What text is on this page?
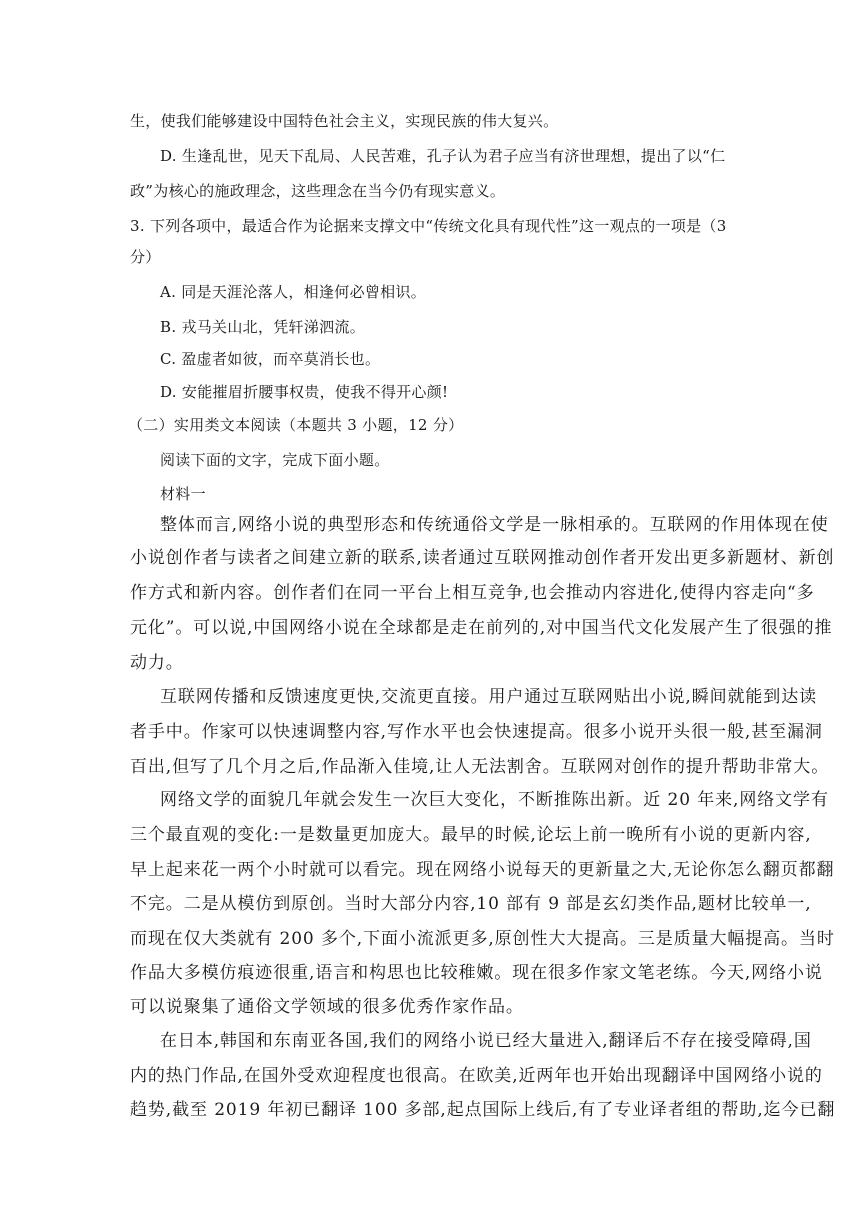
生，使我们能够建设中国特色社会主义，实现民族的伟大复兴。
D. 生逢乱世，见天下乱局、人民苦难，孔子认为君子应当有济世理想，提出了以“仁
政”为核心的施政理念，这些理念在当今仍有现实意义。
3. 下列各项中，最适合作为论据来支撑文中“传统文化具有现代性”这一观点的一项是（3
分）
A. 同是天涯沦落人，相逢何必曾相识。
B. 戎马关山北，凭轩涕泗流。
C. 盈虚者如彼，而卒莫消长也。
D. 安能摧眉折腰事权贵，使我不得开心颜!
（二）实用类文本阅读（本题共 3 小题，12 分）
阅读下面的文字，完成下面小题。
材料一
整体而言,网络小说的典型形态和传统通俗文学是一脉相承的。互联网的作用体现在使
小说创作者与读者之间建立新的联系,读者通过互联网推动创作者开发出更多新题材、新创
作方式和新内容。创作者们在同一平台上相互竞争,也会推动内容进化,使得内容走向“多
元化”。可以说,中国网络小说在全球都是走在前列的,对中国当代文化发展产生了很强的推
动力。
互联网传播和反馈速度更快,交流更直接。用户通过互联网贴出小说,瞬间就能到达读
者手中。作家可以快速调整内容,写作水平也会快速提高。很多小说开头很一般,甚至漏洞
百出,但写了几个月之后,作品渐入佳境,让人无法割舍。互联网对创作的提升帮助非常大。
网络文学的面貌几年就会发生一次巨大变化，不断推陈出新。近 20 年来,网络文学有
三个最直观的变化:一是数量更加庞大。最早的时候,论坛上前一晚所有小说的更新内容,
早上起来花一两个小时就可以看完。现在网络小说每天的更新量之大,无论你怎么翻页都翻
不完。二是从模仿到原创。当时大部分内容,10 部有 9 部是玄幻类作品,题材比较单一,
而现在仅大类就有 200 多个,下面小流派更多,原创性大大提高。三是质量大幅提高。当时
作品大多模仿痕迹很重,语言和构思也比较稚嫩。现在很多作家文笔老练。今天,网络小说
可以说聚集了通俗文学领域的很多优秀作家作品。
在日本,韩国和东南亚各国,我们的网络小说已经大量进入,翻译后不存在接受障碍,国
内的热门作品,在国外受欢迎程度也很高。在欧美,近两年也开始出现翻译中国网络小说的
趋势,截至 2019 年初已翻译 100 多部,起点国际上线后,有了专业译者组的帮助,迄今已翻
